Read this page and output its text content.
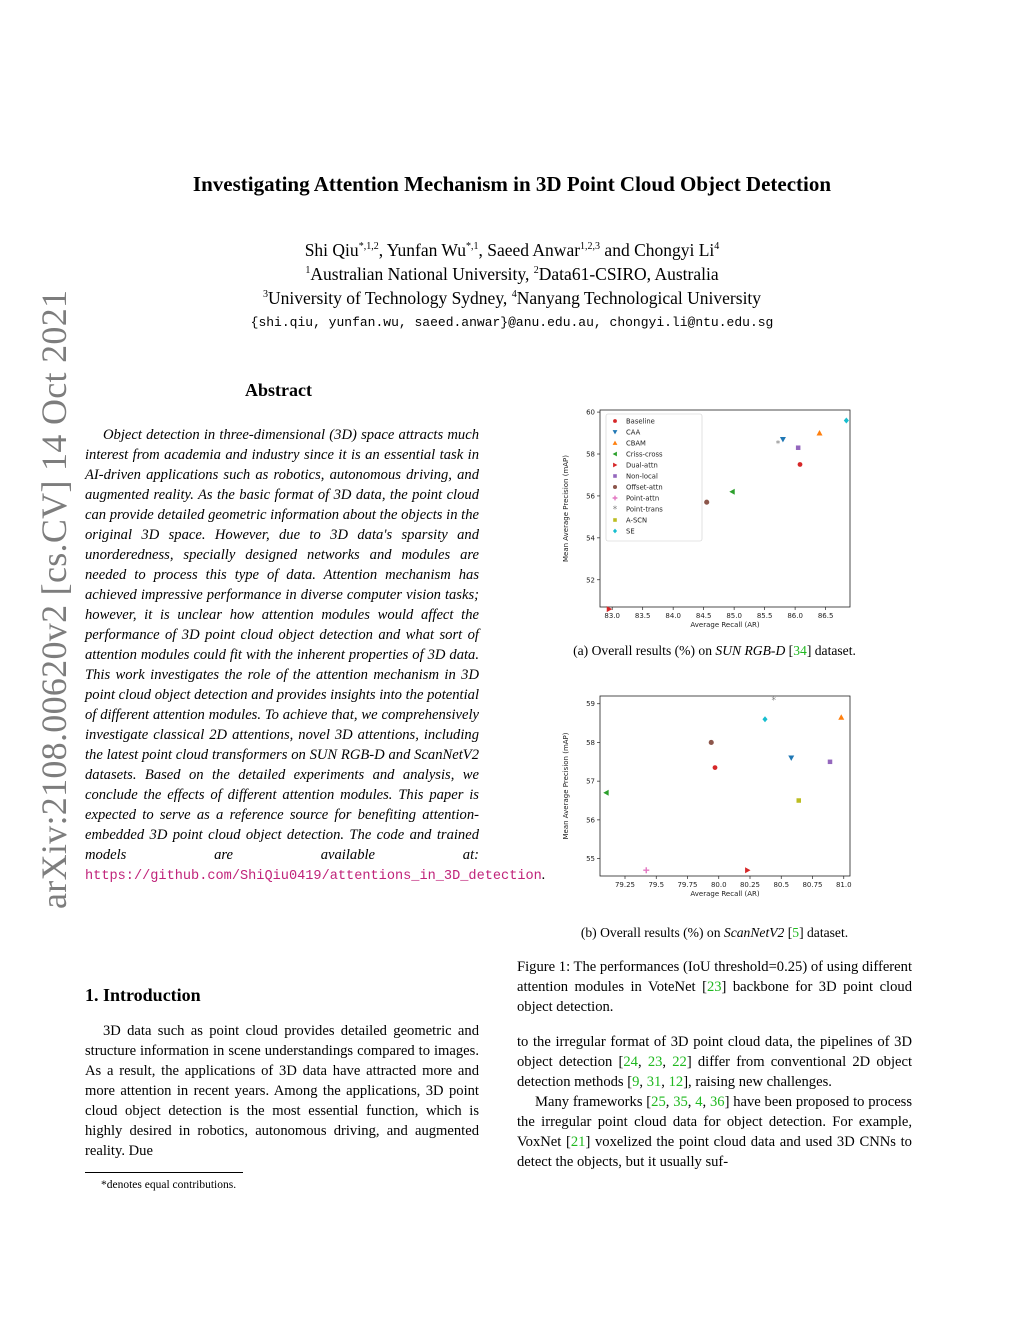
arXiv:2108.00620v2 [cs.CV] 14 Oct 2021
Investigating Attention Mechanism in 3D Point Cloud Object Detection
Shi Qiu$^{*,1,2}$, Yunfan $Wu^{*,1}$, Saeed Anwar$^{1,2,3}$ and Chongyi Li$^4$
$^1$Australian National University, $^2$Data61-CSIRO, Australia
$^3$University of Technology Sydney, $^4$Nanyang Technological University
{shi.qiu, yunfan.wu, saeed.anwar}@anu.edu.au, chongyi.li@ntu.edu.sg
Abstract
Object detection in three-dimensional (3D) space attracts much interest from academia and industry since it is an essential task in AI-driven applications such as robotics, autonomous driving, and augmented reality. As the basic format of 3D data, the point cloud can provide detailed geometric information about the objects in the original 3D space. However, due to 3D data's sparsity and unorderedness, specially designed networks and modules are needed to process this type of data. Attention mechanism has achieved impressive performance in diverse computer vision tasks; however, it is unclear how attention modules would affect the performance of 3D point cloud object detection and what sort of attention modules could fit with the inherent properties of 3D data. This work investigates the role of the attention mechanism in 3D point cloud object detection and provides insights into the potential of different attention modules. To achieve that, we comprehensively investigate classical 2D attentions, novel 3D attentions, including the latest point cloud transformers on SUN RGB-D and ScanNetV2 datasets. Based on the detailed experiments and analysis, we conclude the effects of different attention modules. This paper is expected to serve as a reference source for benefiting attention-embedded 3D point cloud object detection. The code and trained models are available at: https://github.com/ShiQiu0419/attentions_in_3D_detection.
1. Introduction
3D data such as point cloud provides detailed geometric and structure information in scene understandings compared to images. As a result, the applications of 3D data have attracted more and more attention in recent years. Among the applications, 3D point cloud object detection is the most essential function, which is highly desired in robotics, autonomous driving, and augmented reality. Due
*denotes equal contributions.
83.0 83.5 84.0 84.5 85.0 85.5 86.0 86.5
52
54
56
58
60
Average Recall (AR)
Mean Average Precision (mAP)
*
Baseline
CAA
CBAM
Criss-cross
Dual-attn
Non-local
Offset-attn
Point-attn
* Point-trans
A-SCN
SE
(a) Overall results (%) on SUN RGB-D [34] dataset.
79.25 79.5 79.75 80.0 80.25 80.5 80.75 81.0
55
56
57
58
59
Average Recall (AR)
Mean Average Precision (mAP)
*
(b) Overall results (%) on ScanNetV2 [5] dataset.
Figure 1: The performances (IoU threshold=0.25) of using different attention modules in VoteNet [23] backbone for 3D point cloud object detection.
to the irregular format of 3D point cloud data, the pipelines of 3D object detection [24, 23, 22] differ from conventional 2D object detection methods [9, 31, 12], raising new challenges.
Many frameworks [25, 35, 4, 36] have been proposed to process the irregular point cloud data for object detection. For example, VoxNet [21] voxelized the point cloud data and used 3D CNNs to detect the objects, but it usually suf-
